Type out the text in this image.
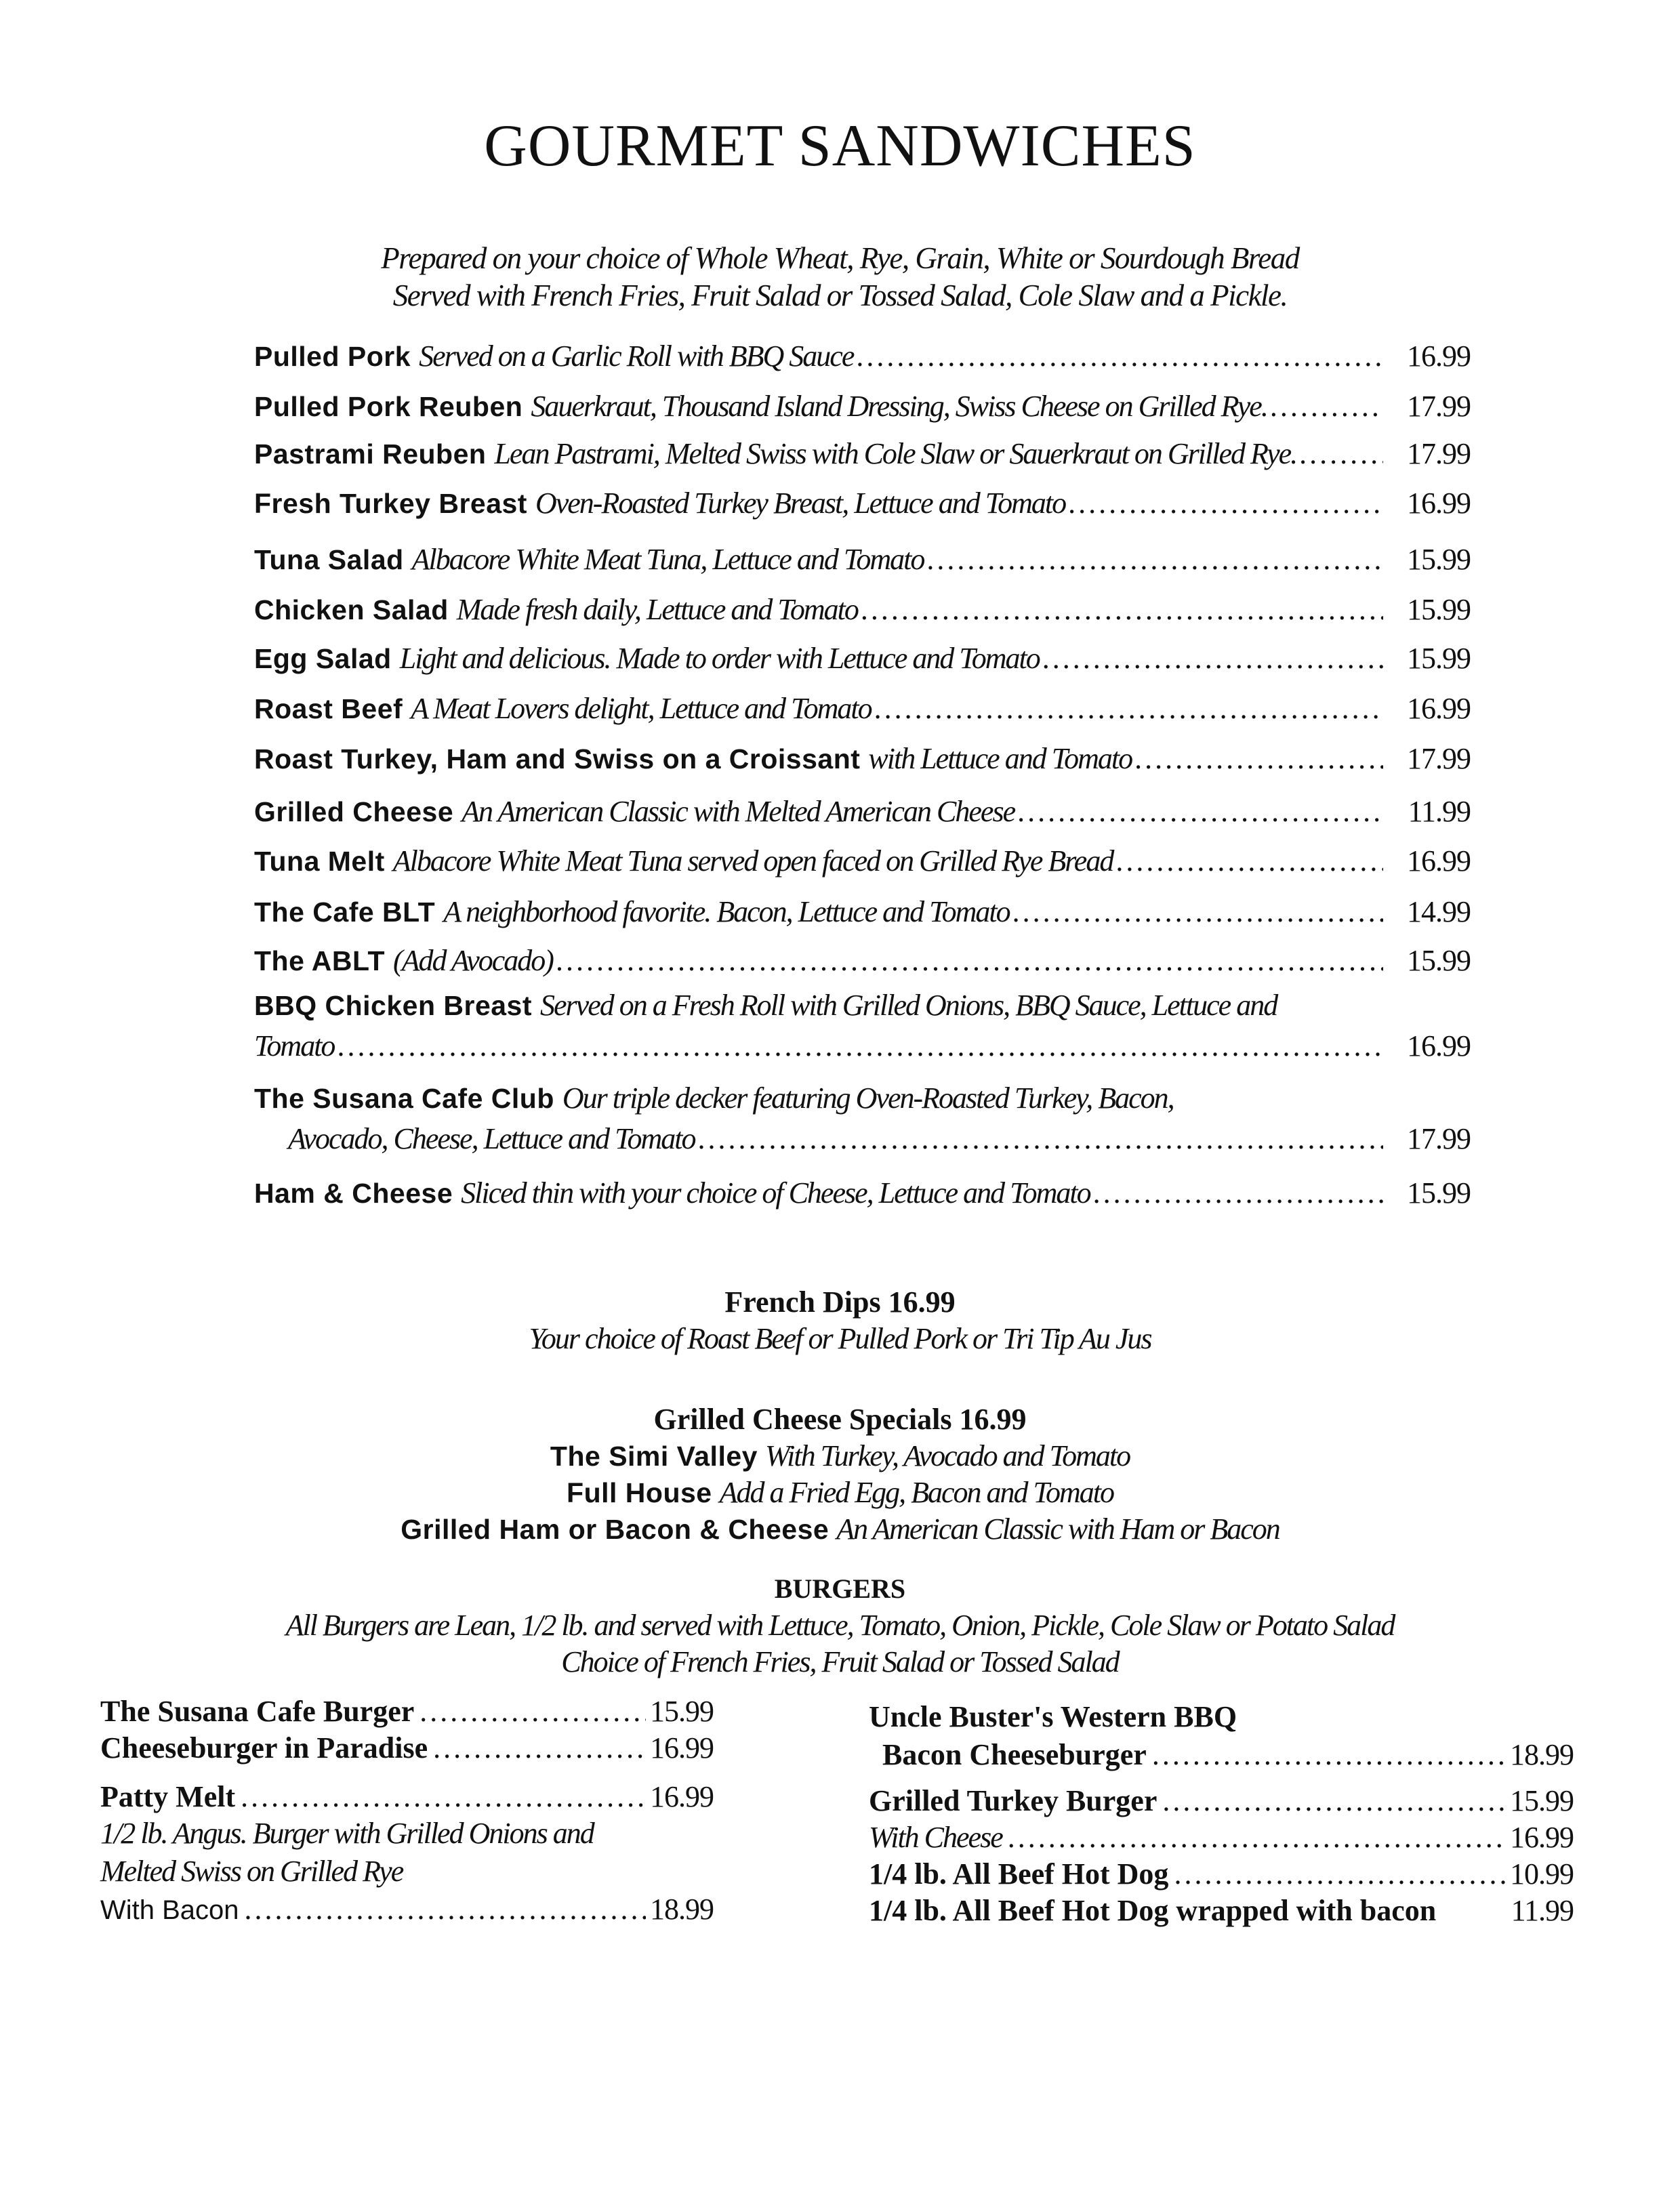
GOURMET SANDWICHES
Prepared on your choice of Whole Wheat, Rye, Grain, White or Sourdough Bread
Served with French Fries, Fruit Salad or Tossed Salad, Cole Slaw and a Pickle.
Pulled Pork Served on a Garlic Roll with BBQ Sauce .....	16.99
Pulled Pork Reuben Sauerkraut, Thousand Island Dressing, Swiss Cheese on Grilled Rye. .....	17.99
Pastrami Reuben Lean Pastrami, Melted Swiss with Cole Slaw or Sauerkraut on Grilled Rye. .....	17.99
Fresh Turkey Breast Oven-Roasted Turkey Breast, Lettuce and Tomato .....	16.99
Tuna Salad Albacore White Meat Tuna, Lettuce and Tomato .....	15.99
Chicken Salad Made fresh daily, Lettuce and Tomato .....	15.99
Egg Salad Light and delicious. Made to order with Lettuce and Tomato .....	15.99
Roast Beef A Meat Lovers delight, Lettuce and Tomato .....	16.99
Roast Turkey, Ham and Swiss on a Croissant with Lettuce and Tomato .....	17.99
Grilled Cheese An American Classic with Melted American Cheese .....	11.99
Tuna Melt Albacore White Meat Tuna served open faced on Grilled Rye Bread .....	16.99
The Cafe BLT A neighborhood favorite. Bacon, Lettuce and Tomato .....	14.99
The ABLT (Add Avocado) .....	15.99
BBQ Chicken Breast Served on a Fresh Roll with Grilled Onions, BBQ Sauce, Lettuce and
Tomato .....	16.99
The Susana Cafe Club Our triple decker featuring Oven-Roasted Turkey, Bacon,
Avocado, Cheese, Lettuce and Tomato .....	17.99
Ham & Cheese Sliced thin with your choice of Cheese, Lettuce and Tomato .....	15.99
French Dips 16.99
Your choice of Roast Beef or Pulled Pork or Tri Tip Au Jus
Grilled Cheese Specials 16.99
The Simi Valley With Turkey, Avocado and Tomato
Full House Add a Fried Egg, Bacon and Tomato
Grilled Ham or Bacon & Cheese An American Classic with Ham or Bacon
BURGERS
All Burgers are Lean, 1/2 lb. and served with Lettuce, Tomato, Onion, Pickle, Cole Slaw or Potato Salad
Choice of French Fries, Fruit Salad or Tossed Salad
The Susana Cafe Burger .....	15.99
Cheeseburger in Paradise .....	16.99
Patty Melt .....	16.99
1/2 lb. Angus. Burger with Grilled Onions and
Melted Swiss on Grilled Rye
With Bacon .....	18.99
Uncle Buster's Western BBQ
Bacon Cheeseburger .....	18.99
Grilled Turkey Burger .....	15.99
With Cheese .....	16.99
1/4 lb. All Beef Hot Dog .....	10.99
1/4 lb. All Beef Hot Dog wrapped with bacon	11.99
